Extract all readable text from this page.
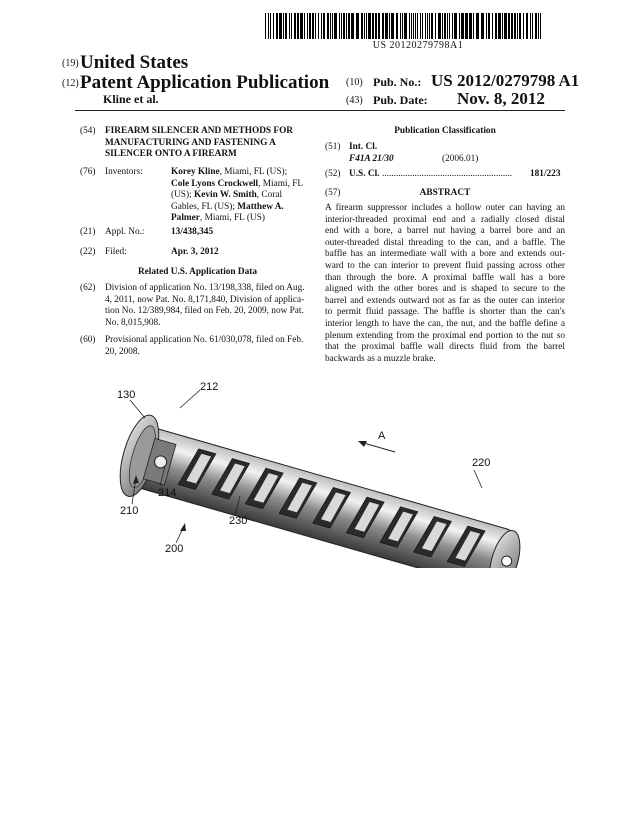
US 20120279798A1
(19) United States
(12) Patent Application Publication
Kline et al.
(10) Pub. No.: US 2012/0279798 A1
(43) Pub. Date: Nov. 8, 2012
(54) FIREARM SILENCER AND METHODS FOR
MANUFACTURING AND FASTENING A
SILENCER ONTO A FIREARM
(76) Inventors:	Korey Kline, Miami, FL (US);
Cole Lyons Crockwell, Miami, FL
(US); Kevin W. Smith, Coral
Gables, FL (US); Matthew A.
Palmer, Miami, FL (US)
(21) Appl. No.:	13/438,345
(22) Filed:	Apr. 3, 2012
Related U.S. Application Data
(62) Division of application No. 13/198,338, filed on Aug.
4, 2011, now Pat. No. 8,171,840, Division of applica-
tion No. 12/389,984, filed on Feb. 20, 2009, now Pat.
No. 8,015,908.
(60) Provisional application No. 61/030,078, filed on Feb.
20, 2008.
Publication Classification
(51) Int. Cl.
F41A 21/30	(2006.01)
(52) U.S. Cl. ........................................................	181/223
(57)	ABSTRACT
A firearm suppressor includes a hollow outer can having an
interior-threaded proximal end and a radially closed distal
end with a bore, a barrel nut having a barrel bore and an
outer-threaded distal threading to the can, and a baffle. The
baffle has an intermediate wall with a bore and extends out-
ward to the can interior to prevent fluid passing across other
than through the bore. A proximal baffle wall has a bore
aligned with the other bores and is shaped to secure to the
barrel and extends outward not as far as the outer can interior
to permit fluid passage. The baffle is shorter than the can's
interior length to have the can, the nut, and the baffle define a
plenum extending from the proximal end portion to the nut so
that the proximal baffle wall directs fluid from the barrel
backwards as a muzzle brake.
130
212
A
220
214
210
230
200
